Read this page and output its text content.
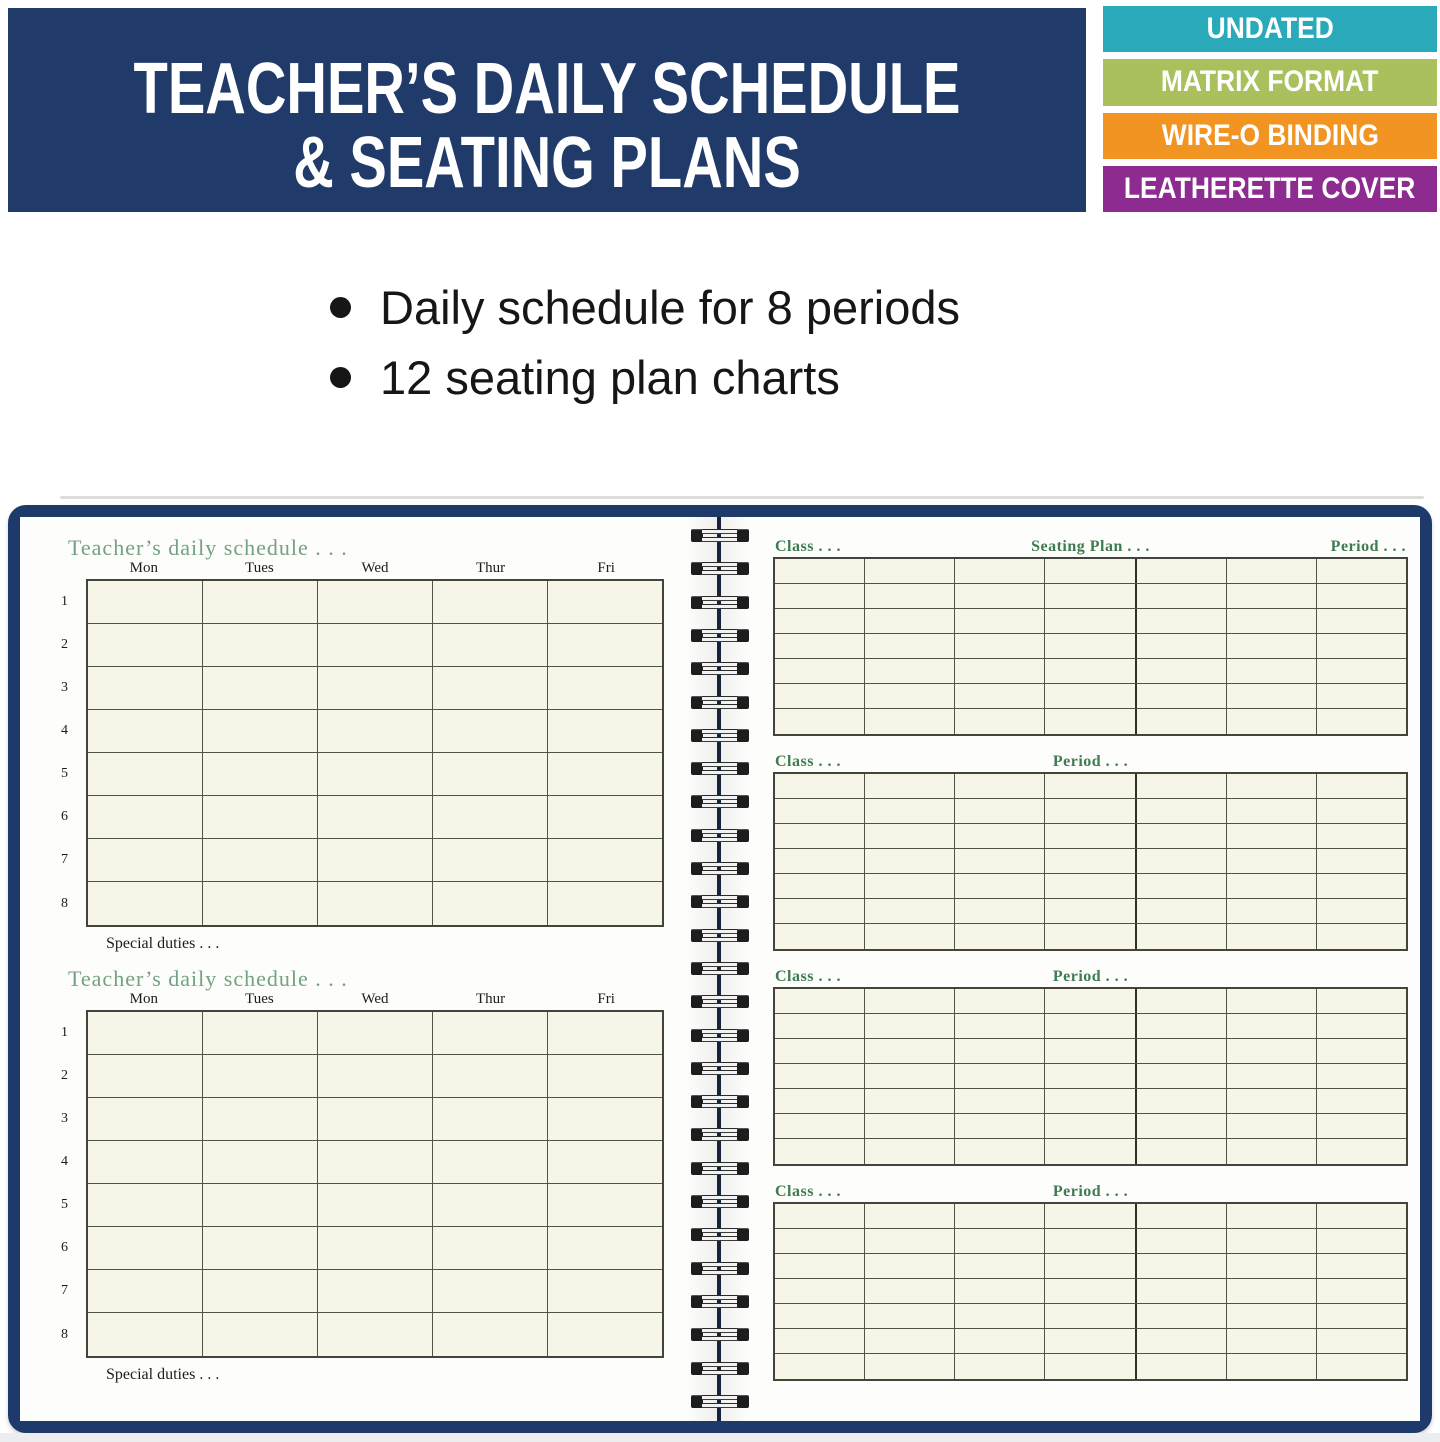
TEACHER’S DAILY SCHEDULE
& SEATING PLANS
UNDATED
MATRIX FORMAT
WIRE-O BINDING
LEATHERETTE COVER
Daily schedule for 8 periods
12 seating plan charts
Teacher’s daily schedule . . .
Mon	Tues	Wed	Thur	Fri
1
2
3
4
5
6
7
8
Special duties . . .
Teacher’s daily schedule . . .
Mon	Tues	Wed	Thur	Fri
1
2
3
4
5
6
7
8
Special duties . . .
Class . . .	Seating Plan . . .	Period . . .
Class . . .	Period . . .
Class . . .	Period . . .
Class . . .	Period . . .
